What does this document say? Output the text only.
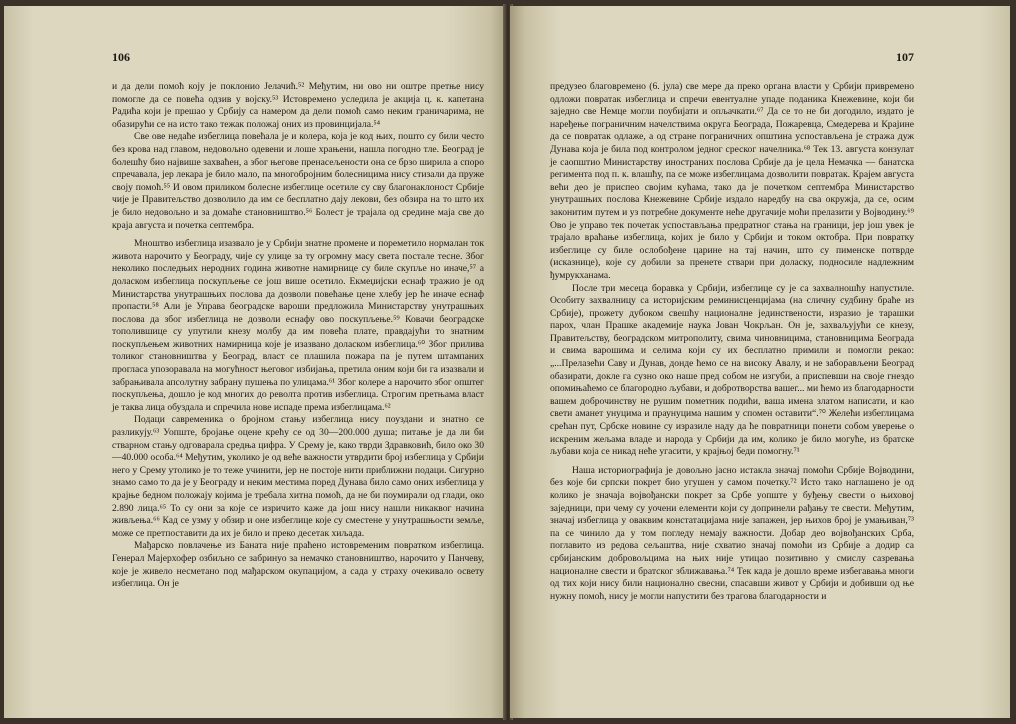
106

и да дели помоћ коју је поклонио Јелачић.⁵² Међутим, ни ово ни оштре претње нису помогле да се повећа одзив у војску.⁵³ Истовремено уследила је акција ц. к. капетана Радића који је прешао у Србију са намером да дели помоћ само неким граничарима, не обазирући се на исто тако тежак положај оних из провинцијала.⁵⁴

Све ове недаће избеглица повећала је и колера, која је код њих, пошто су били често без крова над главом, недовољно одевени и лоше храњени, нашла погодно тле. Београд је болешћу био највише захваћен, а због његове пренасељености она се брзо ширила а споро спречавала, јер лекара је било мало, па многобројним болесницима нису стизали да пруже своју помоћ.⁵⁵ И овом приликом болесне избеглице осетиле су сву благонаклоност Србије чије је Правитељство дозволило да им се бесплатно дају лекови, без обзира на то што их је било недовољно и за домаће становништво.⁵⁶ Болест је трајала од средине маја све до краја августа и почетка септембра.

Мноштво избеглица изазвало је у Србији знатне промене и пореметило нормалан ток живота нарочито у Београду, чије су улице за ту огромну масу света постале тесне. Због неколико последњих неродних година животне намирнице су биле скупље но иначе,⁵⁷ а доласком избеглица поскупљење се још више осетило. Екмеџијски еснаф тражио је од Министарства унутрашњих послова да дозволи повећање цене хлебу јер ће иначе еснаф пропасти.⁵⁸ Али је Управа београдске вароши предложила Министарству унутрашњих послова да због избеглица не дозволи еснафу ово поскупљење.⁵⁹ Ковачи београдске тополившице су упутили кнезу молбу да им повећа плате, правдајући то знатним поскупљењем животних намирница које је изазвано доласком избеглица.⁶⁰ Због прилива толиког становништва у Београд, власт се плашила пожара па је путем штампаних прогласа упозоравала на могућност његовог избијања, претила оним који би га изазвали и забрањивала апсолутну забрану пушења по улицама.⁶¹ Због колере а нарочито због општег поскупљења, дошло је код многих до револта против избеглица. Строгим претњама власт је таква лица обуздала и спречила нове испаде према избеглицама.⁶²

Подаци савременика о бројном стању избеглица нису поуздани и знатно се разликују.⁶³ Уопште, бројање оцене крећу се од 30—200.000 душа; питање је да ли би стварном стању одговарала средња цифра. У Срему је, како тврди Здравковић, било око 30—40.000 особа.⁶⁴ Међутим, уколико је од веће важности утврдити број избеглица у Србији него у Срему утолико је то теже учинити, јер не постоје нити приближни подаци. Сигурно знамо само то да је у Београду и неким местима поред Дунава било само оних избеглица у крајње бедном положају којима је требала хитна помоћ, да не би поумирали од глади, око 2.890 лица.⁶⁵ То су они за које се изричито каже да још нису нашли никаквог начина живљења.⁶⁶ Кад се узму у обзир и оне избеглице које су сместене у унутрашњости земље, може се претпоставити да их је било и преко десетак хиљада.

Мађарско повлачење из Баната није праћено истовременим повратком избеглица. Генерал Мајерхофер озбиљно се забринуо за немачко становништво, нарочито у Панчеву, које је живело несметано под мађарском окупацијом, а сада у страху очекивало освету избеглица. Он је

107

предузео благовремено (6. јула) све мере да преко органа власти у Србији привремено одложи повратак избеглица и спречи евентуалне упаде поданика Кнежевине, који би заједно све Немце могли поубијати и опљачкати.⁶⁷ Да се то не би догодило, издато је наређење пограничним начелствима округа Београда, Пожаревца, Смедерева и Крајине да се повратак одлаже, а од стране пограничних општина успостављена је стража дуж Дунава која је била под контролом једног среског начелника.⁶⁸ Тек 13. августа конзулат је саопштио Министарству иностраних послова Србије да је цела Немачка — банатска регимента под п. к. влашћу, па се може избеглицама дозволити повратак. Крајем августа већи део је приспео својим кућама, тако да је почетком септембра Министарство унутрашњих послова Кнежевине Србије издало наредбу на сва окружја, да се, осим законитим путем и уз потребне документе неће другачије моћи прелазити у Војводину.⁶⁹ Ово је управо тек почетак успостављања предратног стања на граници, јер још увек је трајало враћање избеглица, којих је било у Србији и током октобра. При повратку избеглице су биле ослобођене царине на тај начин, што су пименске потврде (исказнице), које су добили за пренете ствари при доласку, подносиле надлежним ђумрукханама.

После три месеца боравка у Србији, избеглице су је са захвалношћу напустиле. Особиту захвалницу са историјским реминисценцијама (на сличну судбину браће из Србије), прожету дубоком свешћу националне јединствености, изразио је тарашки парох, члан Прашке академије наука Јован Чокрљан. Он је, захваљујући се кнезу, Правитељству, београдском митрополиту, свима чиновницима, становницима Београда и свима варошима и селима који су их бесплатно примили и помогли рекао: „...Прелазећи Саву и Дунав, донде ћемо се на високу Авалу, и не заборављени Београд обазирати, докле га сузно око наше пред собом не изгуби, а приспевши на своје гнездо опомињаћемо се благородно љубави, и добротворства вашег... ми ћемо из благодарности вашем доброчинству не рушим пометник подићи, ваша имена златом написати, и као свети аманет унуцима и праунуцима нашим у спомен оставити“.⁷⁰ Желећи избеглицама срећан пут, Србске новине су изразиле наду да ће повратници понети собом уверење о искреним жељама владе и народа у Србији да им, колико је било могуће, из братске љубави која се никад неће угасити, у крајњој беди помогну.⁷¹

Наша историографија је довољно јасно истакла значај помоћи Србије Војводини, без које би српски покрет био угушен у самом почетку.⁷² Исто тако наглашено је од колико је значаја војвођански покрет за Србе уопште у буђењу свести о њиховој заједници, при чему су уочени елементи који су допринели рађању те свести. Међутим, значај избеглица у оваквим констатацијама није запажен, јер њихов број је умањиван,⁷³ па се чинило да у том погледу немају важности. Добар део војвођанских Срба, поглавито из редова сељаштва, није схватио значај помоћи из Србије а додир са србијанским добровољцима на њих није утицао позитивно у смислу сазревања националне свести и братског зближавања.⁷⁴ Тек када је дошло време избегавања многи од тих који нису били национално свесни, спасавши живот у Србији и добивши од ње нужну помоћ, нису је могли напустити без трагова благодарности и
